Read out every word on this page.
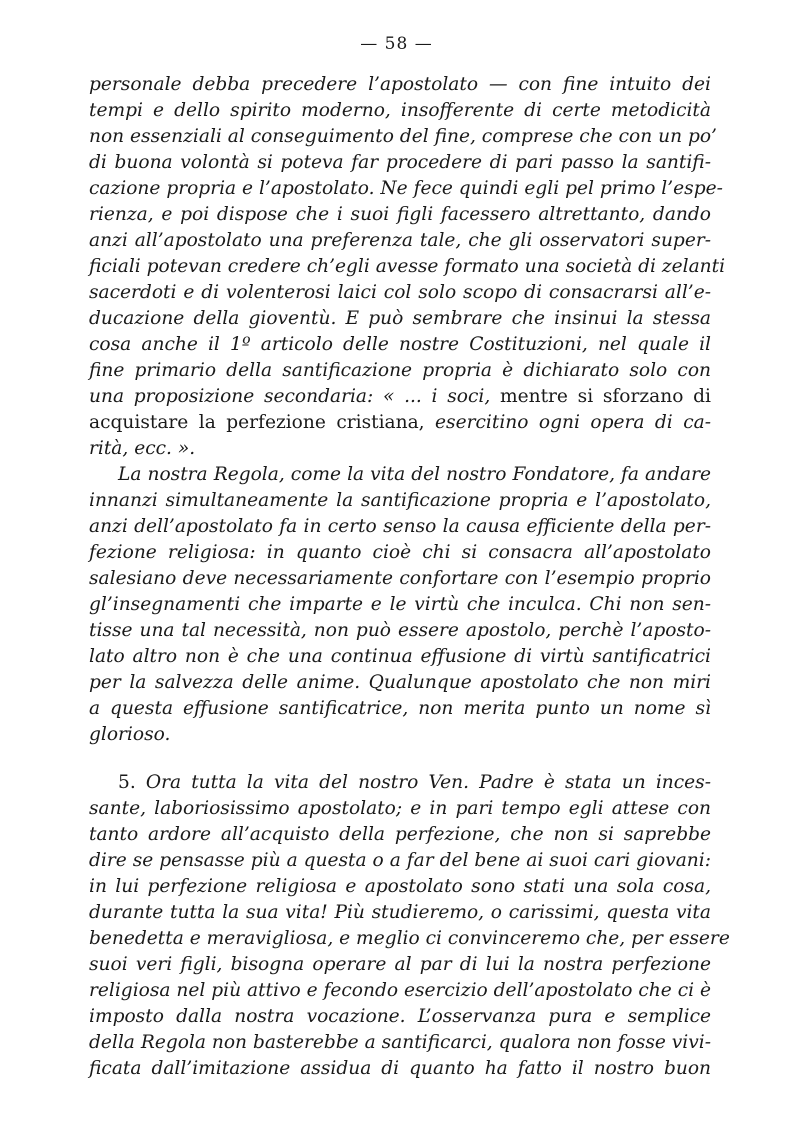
— 58 —
personale debba precedere l’apostolato — con fine intuito dei
tempi e dello spirito moderno, insofferente di certe metodicità
non essenziali al conseguimento del fine, comprese che con un po’
di buona volontà si poteva far procedere di pari passo la santifi-
cazione propria e l’apostolato. Ne fece quindi egli pel primo l’espe-
rienza, e poi dispose che i suoi figli facessero altrettanto, dando
anzi all’apostolato una preferenza tale, che gli osservatori super-
ficiali potevan credere ch’egli avesse formato una società di zelanti
sacerdoti e di volenterosi laici col solo scopo di consacrarsi all’e-
ducazione della gioventù. E può sembrare che insinui la stessa
cosa anche il 1º articolo delle nostre Costituzioni, nel quale il
fine primario della santificazione propria è dichiarato solo con
una proposizione secondaria: « ... i soci, mentre si sforzano di
acquistare la perfezione cristiana, esercitino ogni opera di ca-
rità, ecc. ».
La nostra Regola, come la vita del nostro Fondatore, fa andare
innanzi simultaneamente la santificazione propria e l’apostolato,
anzi dell’apostolato fa in certo senso la causa efficiente della per-
fezione religiosa: in quanto cioè chi si consacra all’apostolato
salesiano deve necessariamente confortare con l’esempio proprio
gl’insegnamenti che imparte e le virtù che inculca. Chi non sen-
tisse una tal necessità, non può essere apostolo, perchè l’aposto-
lato altro non è che una continua effusione di virtù santificatrici
per la salvezza delle anime. Qualunque apostolato che non miri
a questa effusione santificatrice, non merita punto un nome sì
glorioso.
5. Ora tutta la vita del nostro Ven. Padre è stata un inces-
sante, laboriosissimo apostolato; e in pari tempo egli attese con
tanto ardore all’acquisto della perfezione, che non si saprebbe
dire se pensasse più a questa o a far del bene ai suoi cari giovani:
in lui perfezione religiosa e apostolato sono stati una sola cosa,
durante tutta la sua vita! Più studieremo, o carissimi, questa vita
benedetta e meravigliosa, e meglio ci convinceremo che, per essere
suoi veri figli, bisogna operare al par di lui la nostra perfezione
religiosa nel più attivo e fecondo esercizio dell’apostolato che ci è
imposto dalla nostra vocazione. L’osservanza pura e semplice
della Regola non basterebbe a santificarci, qualora non fosse vivi-
ficata dall’imitazione assidua di quanto ha fatto il nostro buon
